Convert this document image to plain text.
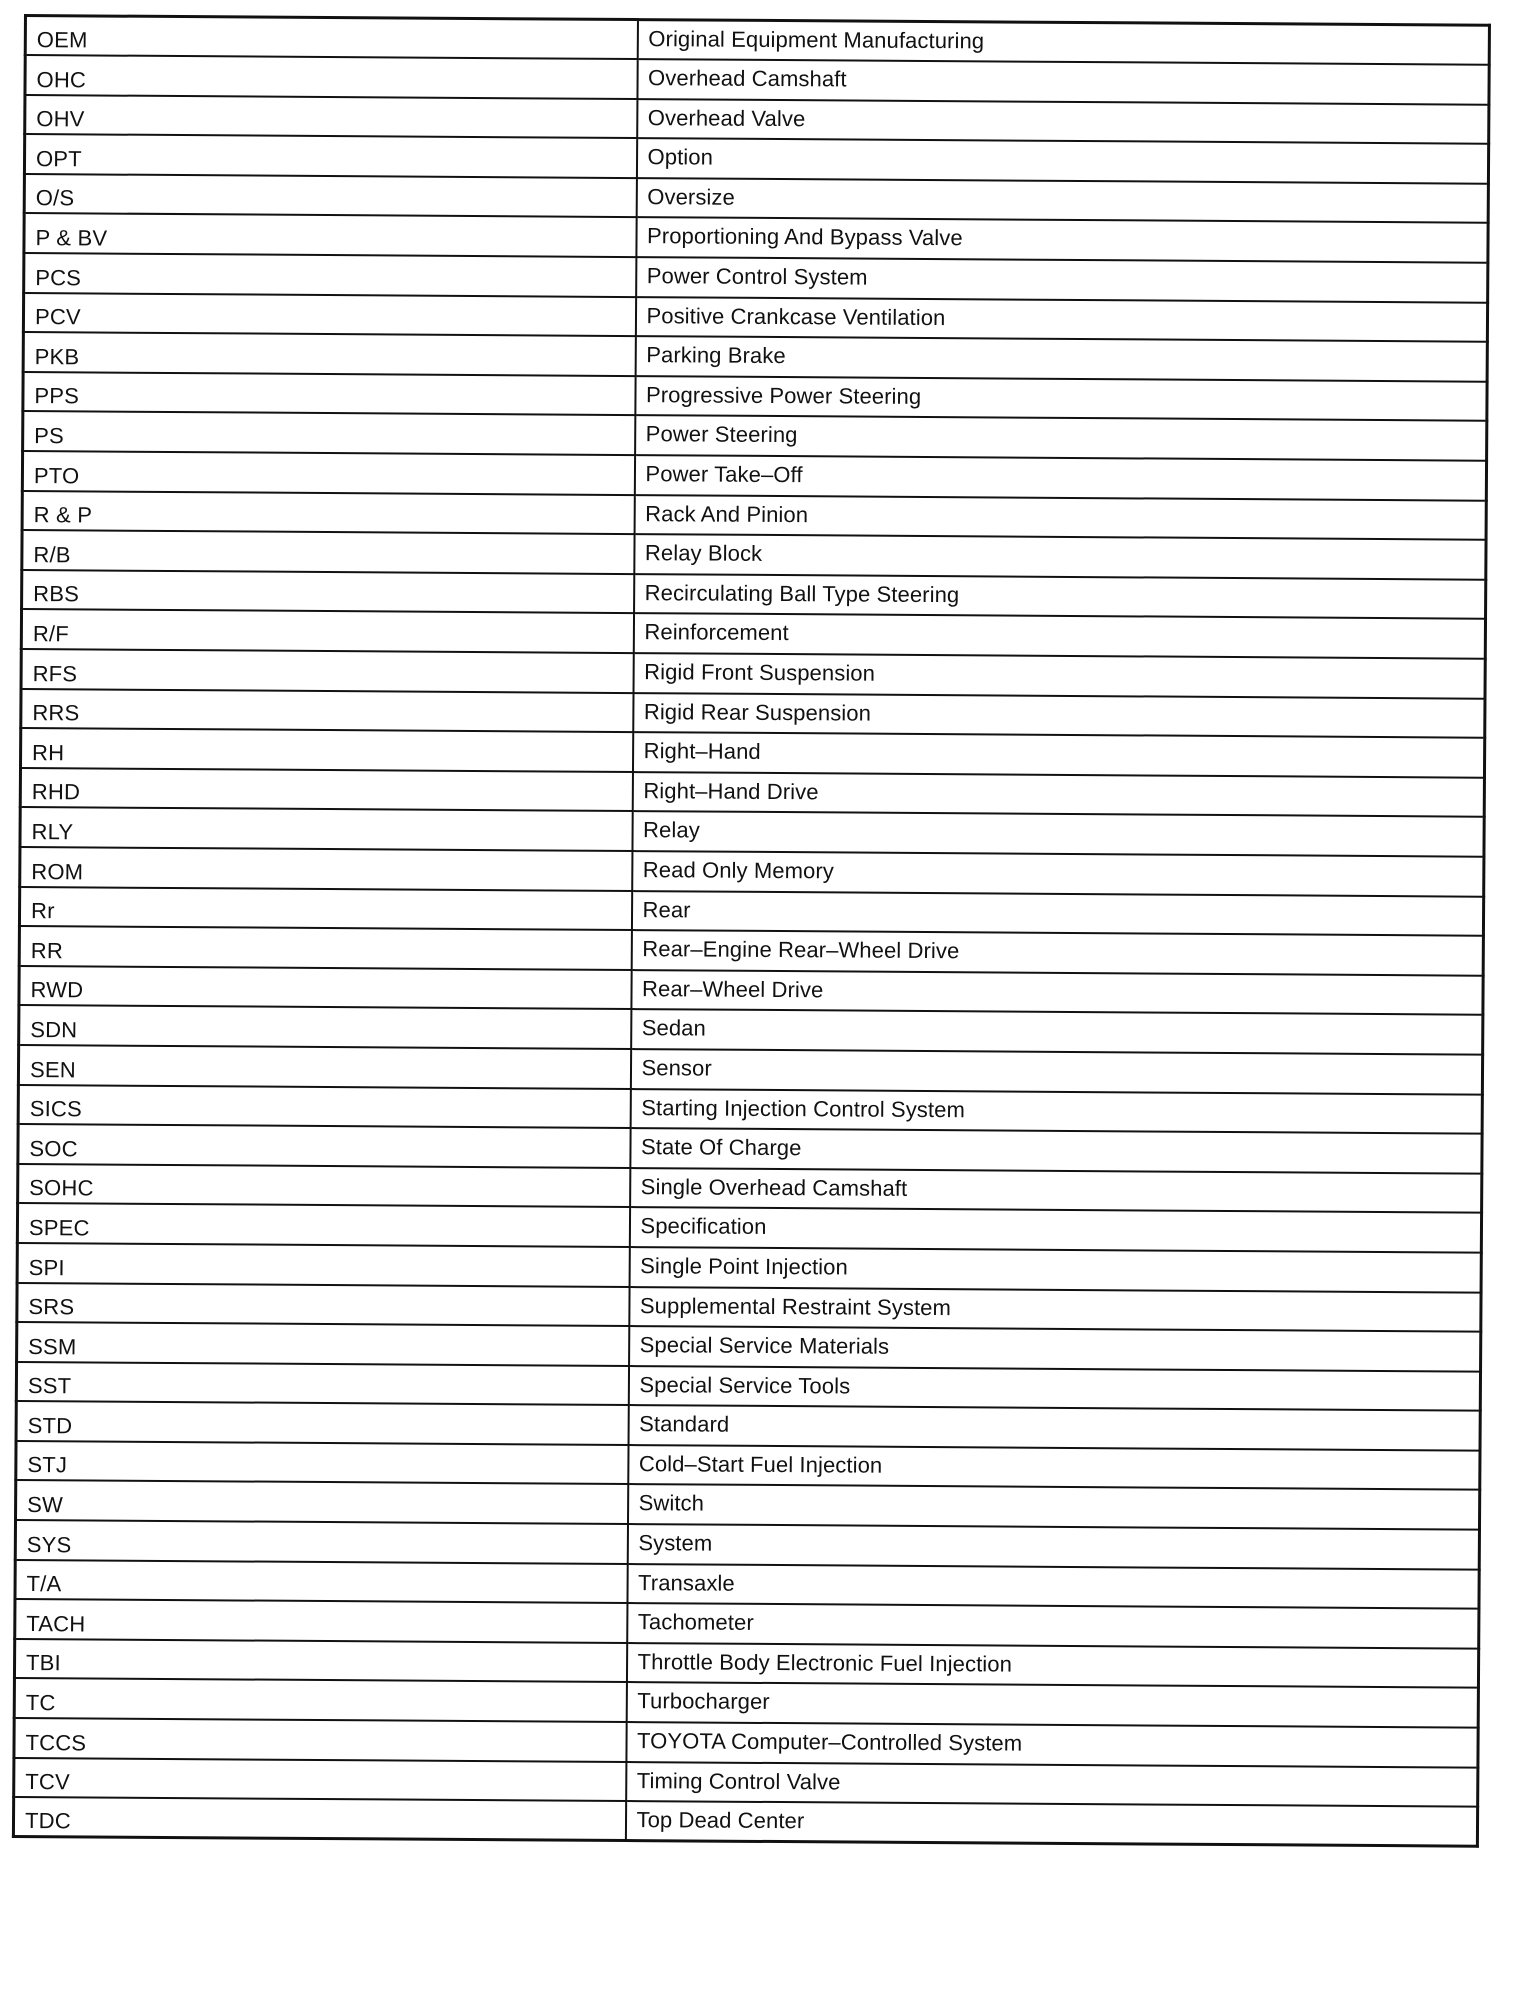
OEM	Original Equipment Manufacturing
OHC	Overhead Camshaft
OHV	Overhead Valve
OPT	Option
O/S	Oversize
P & BV	Proportioning And Bypass Valve
PCS	Power Control System
PCV	Positive Crankcase Ventilation
PKB	Parking Brake
PPS	Progressive Power Steering
PS	Power Steering
PTO	Power Take–Off
R & P	Rack And Pinion
R/B	Relay Block
RBS	Recirculating Ball Type Steering
R/F	Reinforcement
RFS	Rigid Front Suspension
RRS	Rigid Rear Suspension
RH	Right–Hand
RHD	Right–Hand Drive
RLY	Relay
ROM	Read Only Memory
Rr	Rear
RR	Rear–Engine Rear–Wheel Drive
RWD	Rear–Wheel Drive
SDN	Sedan
SEN	Sensor
SICS	Starting Injection Control System
SOC	State Of Charge
SOHC	Single Overhead Camshaft
SPEC	Specification
SPI	Single Point Injection
SRS	Supplemental Restraint System
SSM	Special Service Materials
SST	Special Service Tools
STD	Standard
STJ	Cold–Start Fuel Injection
SW	Switch
SYS	System
T/A	Transaxle
TACH	Tachometer
TBI	Throttle Body Electronic Fuel Injection
TC	Turbocharger
TCCS	TOYOTA Computer–Controlled System
TCV	Timing Control Valve
TDC	Top Dead Center
